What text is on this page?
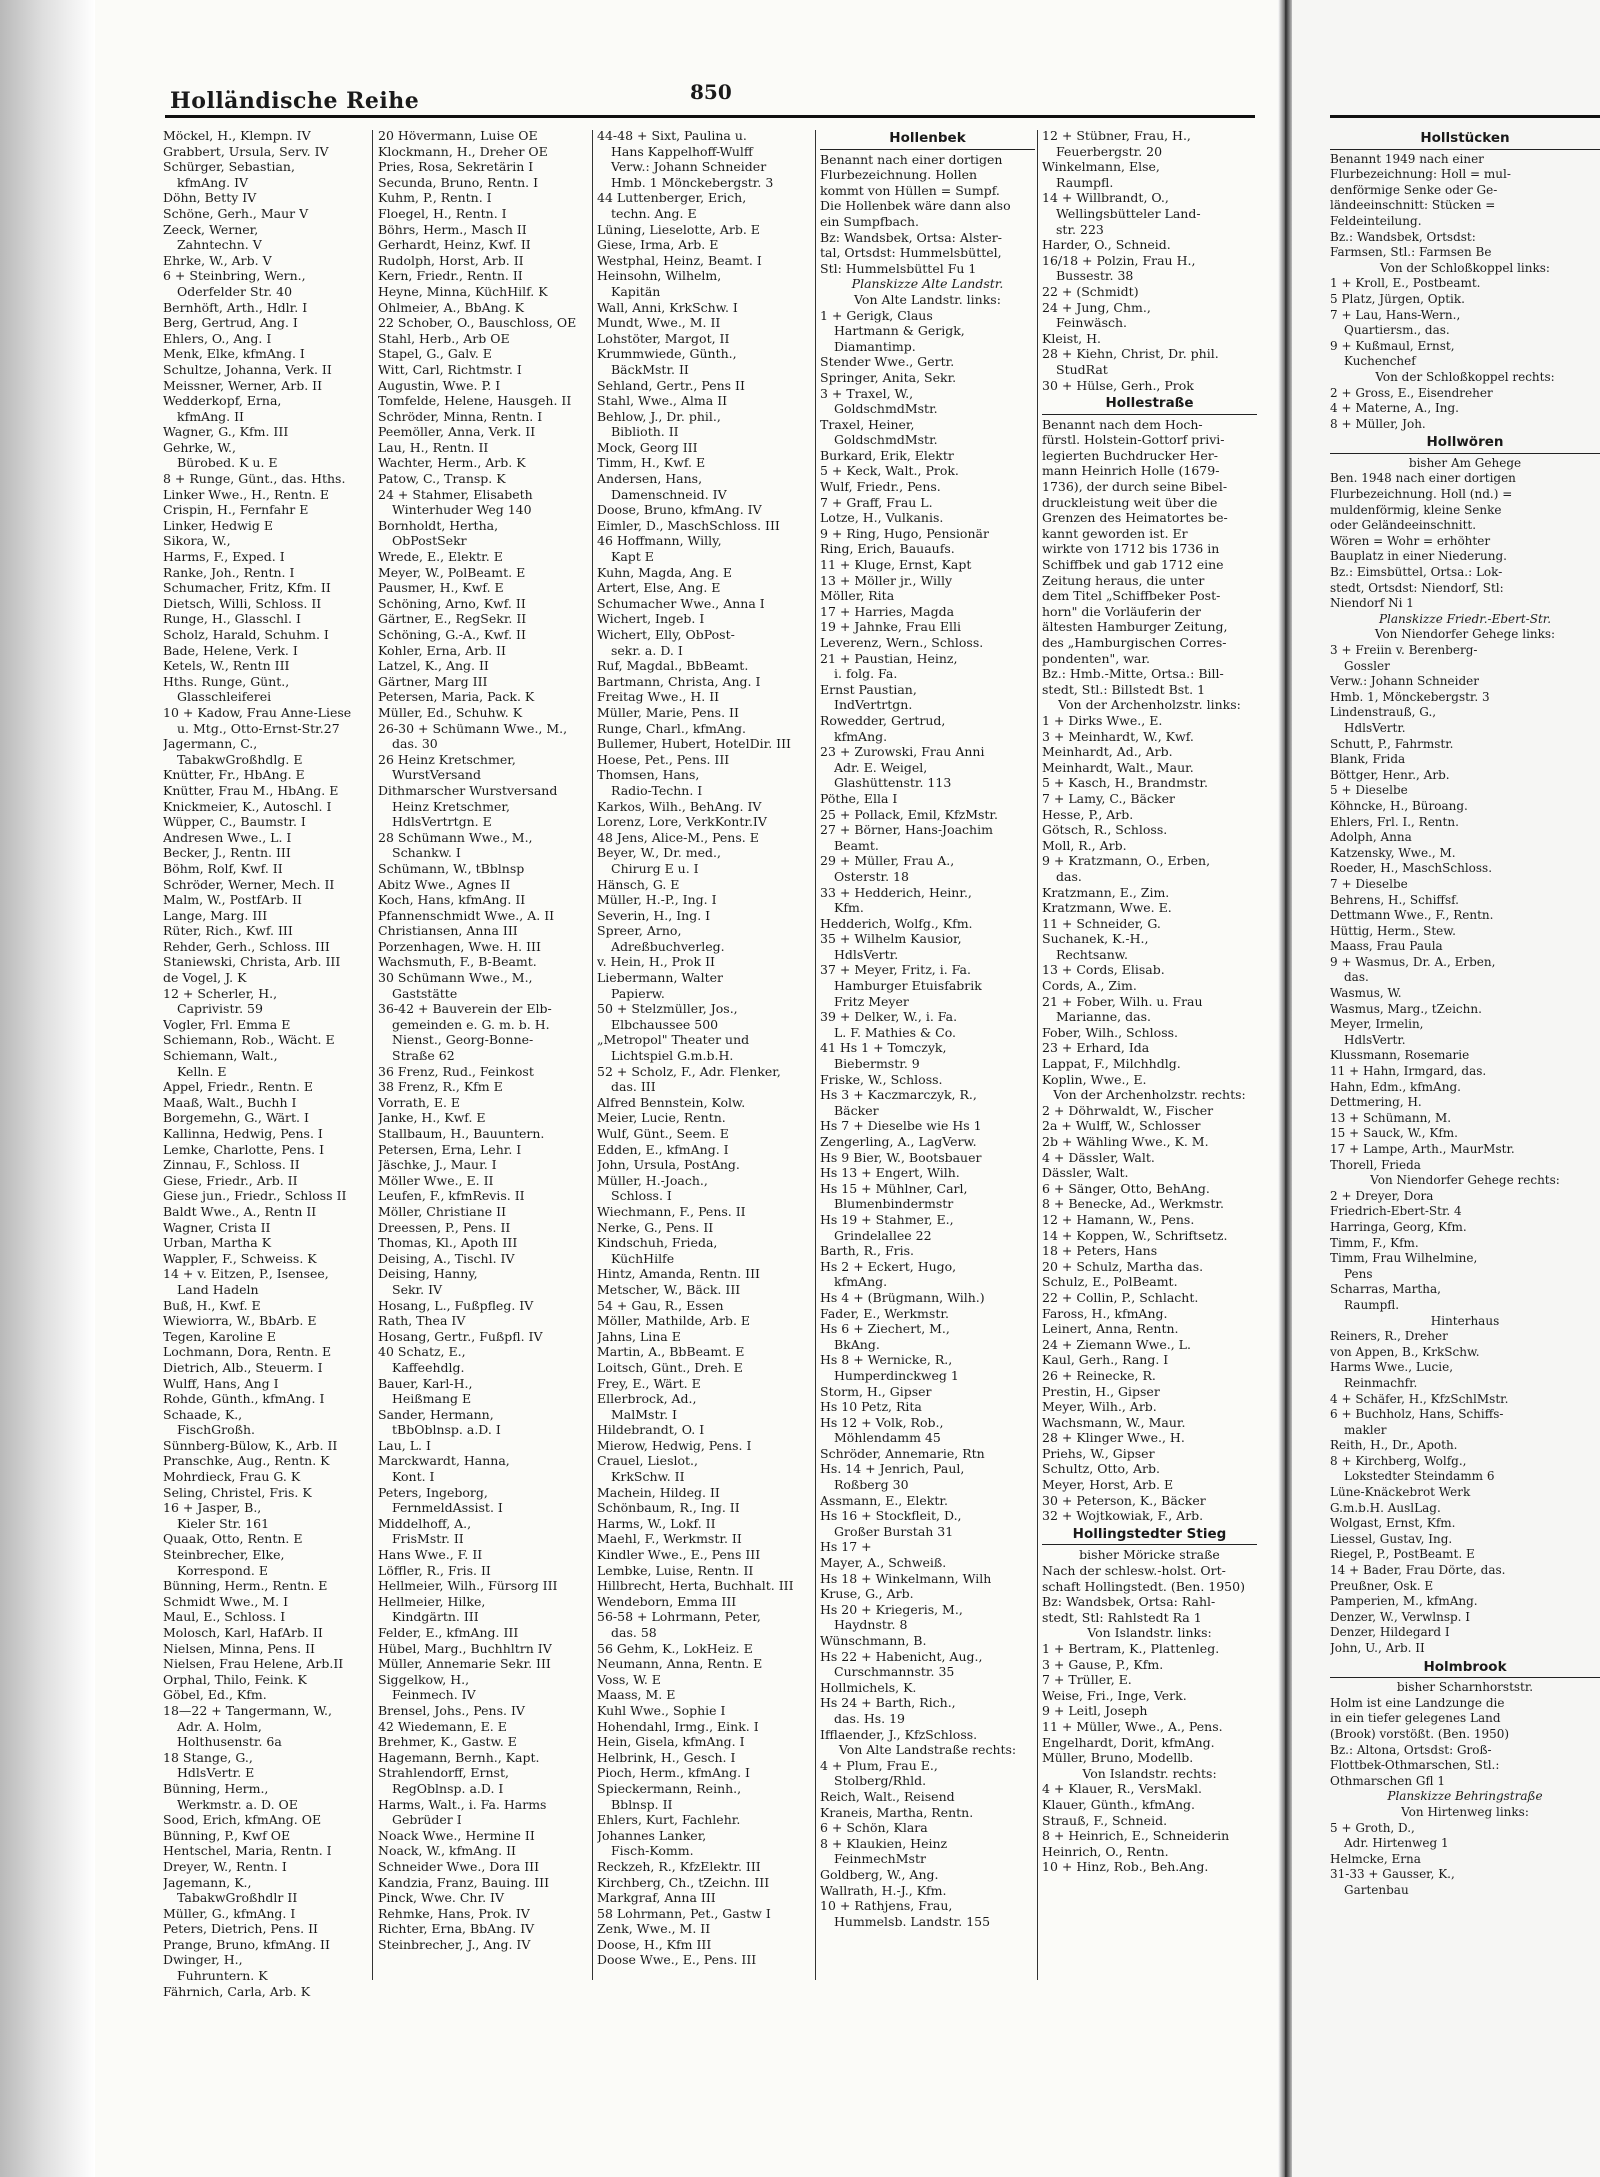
Holländische Reihe	850
Möckel, H., Klempn. IV
Grabbert, Ursula, Serv. IV
Schürger, Sebastian,
kfmAng. IV
Döhn, Betty IV
Schöne, Gerh., Maur V
Zeeck, Werner,
Zahntechn. V
Ehrke, W., Arb. V
6 + Steinbring, Wern.,
Oderfelder Str. 40
Bernhöft, Arth., Hdlr. I
Berg, Gertrud, Ang. I
Ehlers, O., Ang. I
Menk, Elke, kfmAng. I
Schultze, Johanna, Verk. II
Meissner, Werner, Arb. II
Wedderkopf, Erna,
kfmAng. II
Wagner, G., Kfm. III
Gehrke, W.,
Bürobed. K u. E
8 + Runge, Günt., das. Hths.
Linker Wwe., H., Rentn. E
Crispin, H., Fernfahr E
Linker, Hedwig E
Sikora, W.,
Harms, F., Exped. I
Ranke, Joh., Rentn. I
Schumacher, Fritz, Kfm. II
Dietsch, Willi, Schloss. II
Runge, H., Glasschl. I
Scholz, Harald, Schuhm. I
Bade, Helene, Verk. I
Ketels, W., Rentn III
Hths. Runge, Günt.,
Glasschleiferei
10 + Kadow, Frau Anne-Liese
u. Mtg., Otto-Ernst-Str.27
Jagermann, C.,
TabakwGroßhdlg. E
Knütter, Fr., HbAng. E
Knütter, Frau M., HbAng. E
Knickmeier, K., Autoschl. I
Wüpper, C., Baumstr. I
Andresen Wwe., L. I
Becker, J., Rentn. III
Böhm, Rolf, Kwf. II
Schröder, Werner, Mech. II
Malm, W., PostfArb. II
Lange, Marg. III
Rüter, Rich., Kwf. III
Rehder, Gerh., Schloss. III
Staniewski, Christa, Arb. III
de Vogel, J. K
12 + Scherler, H.,
Caprivistr. 59
Vogler, Frl. Emma E
Schiemann, Rob., Wächt. E
Schiemann, Walt.,
Kelln. E
Appel, Friedr., Rentn. E
Maaß, Walt., Buchh I
Borgemehn, G., Wärt. I
Kallinna, Hedwig, Pens. I
Lemke, Charlotte, Pens. I
Zinnau, F., Schloss. II
Giese, Friedr., Arb. II
Giese jun., Friedr., Schloss II
Baldt Wwe., A., Rentn II
Wagner, Crista II
Urban, Martha K
Wappler, F., Schweiss. K
14 + v. Eitzen, P., Isensee,
Land Hadeln
Buß, H., Kwf. E
Wiewiorra, W., BbArb. E
Tegen, Karoline E
Lochmann, Dora, Rentn. E
Dietrich, Alb., Steuerm. I
Wulff, Hans, Ang I
Rohde, Günth., kfmAng. I
Schaade, K.,
FischGroßh.
Sünnberg-Bülow, K., Arb. II
Pranschke, Aug., Rentn. K
Mohrdieck, Frau G. K
Seling, Christel, Fris. K
16 + Jasper, B.,
Kieler Str. 161
Quaak, Otto, Rentn. E
Steinbrecher, Elke,
Korrespond. E
Bünning, Herm., Rentn. E
Schmidt Wwe., M. I
Maul, E., Schloss. I
Molosch, Karl, HafArb. II
Nielsen, Minna, Pens. II
Nielsen, Frau Helene, Arb.II
Orphal, Thilo, Feink. K
Göbel, Ed., Kfm.
18—22 + Tangermann, W.,
Adr. A. Holm,
Holthusenstr. 6a
18 Stange, G.,
HdlsVertr. E
Bünning, Herm.,
Werkmstr. a. D. OE
Sood, Erich, kfmAng. OE
Bünning, P., Kwf OE
Hentschel, Maria, Rentn. I
Dreyer, W., Rentn. I
Jagemann, K.,
TabakwGroßhdlr II
Müller, G., kfmAng. I
Peters, Dietrich, Pens. II
Prange, Bruno, kfmAng. II
Dwinger, H.,
Fuhruntern. K
Fährnich, Carla, Arb. K
20 Hövermann, Luise OE
Klockmann, H., Dreher OE
Pries, Rosa, Sekretärin I
Secunda, Bruno, Rentn. I
Kuhm, P., Rentn. I
Floegel, H., Rentn. I
Böhrs, Herm., Masch II
Gerhardt, Heinz, Kwf. II
Rudolph, Horst, Arb. II
Kern, Friedr., Rentn. II
Heyne, Minna, KüchHilf. K
Ohlmeier, A., BbAng. K
22 Schober, O., Bauschloss, OE
Stahl, Herb., Arb OE
Stapel, G., Galv. E
Witt, Carl, Richtmstr. I
Augustin, Wwe. P. I
Tomfelde, Helene, Hausgeh. II
Schröder, Minna, Rentn. I
Peemöller, Anna, Verk. II
Lau, H., Rentn. II
Wachter, Herm., Arb. K
Patow, C., Transp. K
24 + Stahmer, Elisabeth
Winterhuder Weg 140
Bornholdt, Hertha,
ObPostSekr
Wrede, E., Elektr. E
Meyer, W., PolBeamt. E
Pausmer, H., Kwf. E
Schöning, Arno, Kwf. II
Gärtner, E., RegSekr. II
Schöning, G.-A., Kwf. II
Kohler, Erna, Arb. II
Latzel, K., Ang. II
Gärtner, Marg III
Petersen, Maria, Pack. K
Müller, Ed., Schuhw. K
26-30 + Schümann Wwe., M.,
das. 30
26 Heinz Kretschmer,
WurstVersand
Dithmarscher Wurstversand
Heinz Kretschmer,
HdlsVertrtgn. E
28 Schümann Wwe., M.,
Schankw. I
Schümann, W., tBblnsp
Abitz Wwe., Agnes II
Koch, Hans, kfmAng. II
Pfannenschmidt Wwe., A. II
Christiansen, Anna III
Porzenhagen, Wwe. H. III
Wachsmuth, F., B-Beamt.
30 Schümann Wwe., M.,
Gaststätte
36-42 + Bauverein der Elb-
gemeinden e. G. m. b. H.
Nienst., Georg-Bonne-
Straße 62
36 Frenz, Rud., Feinkost
38 Frenz, R., Kfm E
Vorrath, E. E
Janke, H., Kwf. E
Stallbaum, H., Bauuntern.
Petersen, Erna, Lehr. I
Jäschke, J., Maur. I
Möller Wwe., E. II
Leufen, F., kfmRevis. II
Möller, Christiane II
Dreessen, P., Pens. II
Thomas, Kl., Apoth III
Deising, A., Tischl. IV
Deising, Hanny,
Sekr. IV
Hosang, L., Fußpfleg. IV
Rath, Thea IV
Hosang, Gertr., Fußpfl. IV
40 Schatz, E.,
Kaffeehdlg.
Bauer, Karl-H.,
Heißmang E
Sander, Hermann,
tBbOblnsp. a.D. I
Lau, L. I
Marckwardt, Hanna,
Kont. I
Peters, Ingeborg,
FernmeldAssist. I
Middelhoff, A.,
FrisMstr. II
Hans Wwe., F. II
Löffler, R., Fris. II
Hellmeier, Wilh., Fürsorg III
Hellmeier, Hilke,
Kindgärtn. III
Felder, E., kfmAng. III
Hübel, Marg., Buchhltrn IV
Müller, Annemarie Sekr. III
Siggelkow, H.,
Feinmech. IV
Brensel, Johs., Pens. IV
42 Wiedemann, E. E
Brehmer, K., Gastw. E
Hagemann, Bernh., Kapt.
Strahlendorff, Ernst,
RegOblnsp. a.D. I
Harms, Walt., i. Fa. Harms
Gebrüder I
Noack Wwe., Hermine II
Noack, W., kfmAng. II
Schneider Wwe., Dora III
Kandzia, Franz, Bauing. III
Pinck, Wwe. Chr. IV
Rehmke, Hans, Prok. IV
Richter, Erna, BbAng. IV
Steinbrecher, J., Ang. IV
44-48 + Sixt, Paulina u.
Hans Kappelhoff-Wulff
Verw.: Johann Schneider
Hmb. 1 Mönckebergstr. 3
44 Luttenberger, Erich,
techn. Ang. E
Lüning, Lieselotte, Arb. E
Giese, Irma, Arb. E
Westphal, Heinz, Beamt. I
Heinsohn, Wilhelm,
Kapitän
Wall, Anni, KrkSchw. I
Mundt, Wwe., M. II
Lohstöter, Margot, II
Krummwiede, Günth.,
BäckMstr. II
Sehland, Gertr., Pens II
Stahl, Wwe., Alma II
Behlow, J., Dr. phil.,
Biblioth. II
Mock, Georg III
Timm, H., Kwf. E
Andersen, Hans,
Damenschneid. IV
Doose, Bruno, kfmAng. IV
Eimler, D., MaschSchloss. III
46 Hoffmann, Willy,
Kapt E
Kuhn, Magda, Ang. E
Artert, Else, Ang. E
Schumacher Wwe., Anna I
Wichert, Ingeb. I
Wichert, Elly, ObPost-
sekr. a. D. I
Ruf, Magdal., BbBeamt.
Bartmann, Christa, Ang. I
Freitag Wwe., H. II
Müller, Marie, Pens. II
Runge, Charl., kfmAng.
Bullemer, Hubert, HotelDir. III
Hoese, Pet., Pens. III
Thomsen, Hans,
Radio-Techn. I
Karkos, Wilh., BehAng. IV
Lorenz, Lore, VerkKontr.IV
48 Jens, Alice-M., Pens. E
Beyer, W., Dr. med.,
Chirurg E u. I
Hänsch, G. E
Müller, H.-P., Ing. I
Severin, H., Ing. I
Spreer, Arno,
Adreßbuchverleg.
v. Hein, H., Prok II
Liebermann, Walter
Papierw.
50 + Stelzmüller, Jos.,
Elbchaussee 500
„Metropol" Theater und
Lichtspiel G.m.b.H.
52 + Scholz, F., Adr. Flenker,
das. III
Alfred Bennstein, Kolw.
Meier, Lucie, Rentn.
Wulf, Günt., Seem. E
Edden, E., kfmAng. I
John, Ursula, PostAng.
Müller, H.-Joach.,
Schloss. I
Wiechmann, F., Pens. II
Nerke, G., Pens. II
Kindschuh, Frieda,
KüchHilfe
Hintz, Amanda, Rentn. III
Metscher, W., Bäck. III
54 + Gau, R., Essen
Möller, Mathilde, Arb. E
Jahns, Lina E
Martin, A., BbBeamt. E
Loitsch, Günt., Dreh. E
Frey, E., Wärt. E
Ellerbrock, Ad.,
MalMstr. I
Hildebrandt, O. I
Mierow, Hedwig, Pens. I
Crauel, Lieslot.,
KrkSchw. II
Machein, Hildeg. II
Schönbaum, R., Ing. II
Harms, W., Lokf. II
Maehl, F., Werkmstr. II
Kindler Wwe., E., Pens III
Lembke, Luise, Rentn. II
Hillbrecht, Herta, Buchhalt. III
Wendeborn, Emma III
56-58 + Lohrmann, Peter,
das. 58
56 Gehm, K., LokHeiz. E
Neumann, Anna, Rentn. E
Voss, W. E
Maass, M. E
Kuhl Wwe., Sophie I
Hohendahl, Irmg., Eink. I
Hein, Gisela, kfmAng. I
Helbrink, H., Gesch. I
Pioch, Herm., kfmAng. I
Spieckermann, Reinh.,
Bblnsp. II
Ehlers, Kurt, Fachlehr.
Johannes Lanker,
Fisch-Komm.
Reckzeh, R., KfzElektr. III
Kirchberg, Ch., tZeichn. III
Markgraf, Anna III
58 Lohrmann, Pet., Gastw I
Zenk, Wwe., M. II
Doose, H., Kfm III
Doose Wwe., E., Pens. III
Hollenbek
Benannt nach einer dortigen
Flurbezeichnung. Hollen
kommt von Hüllen = Sumpf.
Die Hollenbek wäre dann also
ein Sumpfbach.
Bz: Wandsbek, Ortsa: Alster-
tal, Ortsdst: Hummelsbüttel,
Stl: Hummelsbüttel Fu 1
Planskizze Alte Landstr.
Von Alte Landstr. links:
1 + Gerigk, Claus
Hartmann & Gerigk,
Diamantimp.
Stender Wwe., Gertr.
Springer, Anita, Sekr.
3 + Traxel, W.,
GoldschmdMstr.
Traxel, Heiner,
GoldschmdMstr.
Burkard, Erik, Elektr
5 + Keck, Walt., Prok.
Wulf, Friedr., Pens.
7 + Graff, Frau L.
Lotze, H., Vulkanis.
9 + Ring, Hugo, Pensionär
Ring, Erich, Bauaufs.
11 + Kluge, Ernst, Kapt
13 + Möller jr., Willy
Möller, Rita
17 + Harries, Magda
19 + Jahnke, Frau Elli
Leverenz, Wern., Schloss.
21 + Paustian, Heinz,
i. folg. Fa.
Ernst Paustian,
IndVertrtgn.
Rowedder, Gertrud,
kfmAng.
23 + Zurowski, Frau Anni
Adr. E. Weigel,
Glashüttenstr. 113
Pöthe, Ella I
25 + Pollack, Emil, KfzMstr.
27 + Börner, Hans-Joachim
Beamt.
29 + Müller, Frau A.,
Osterstr. 18
33 + Hedderich, Heinr.,
Kfm.
Hedderich, Wolfg., Kfm.
35 + Wilhelm Kausior,
HdlsVertr.
37 + Meyer, Fritz, i. Fa.
Hamburger Etuisfabrik
Fritz Meyer
39 + Delker, W., i. Fa.
L. F. Mathies & Co.
41 Hs 1 + Tomczyk,
Biebermstr. 9
Friske, W., Schloss.
Hs 3 + Kaczmarczyk, R.,
Bäcker
Hs 7 + Dieselbe wie Hs 1
Zengerling, A., LagVerw.
Hs 9 Bier, W., Bootsbauer
Hs 13 + Engert, Wilh.
Hs 15 + Mühlner, Carl,
Blumenbindermstr
Hs 19 + Stahmer, E.,
Grindelallee 22
Barth, R., Fris.
Hs 2 + Eckert, Hugo,
kfmAng.
Hs 4 + (Brügmann, Wilh.)
Fader, E., Werkmstr.
Hs 6 + Ziechert, M.,
BkAng.
Hs 8 + Wernicke, R.,
Humperdinckweg 1
Storm, H., Gipser
Hs 10 Petz, Rita
Hs 12 + Volk, Rob.,
Möhlendamm 45
Schröder, Annemarie, Rtn
Hs. 14 + Jenrich, Paul,
Roßberg 30
Assmann, E., Elektr.
Hs 16 + Stockfleit, D.,
Großer Burstah 31
Hs 17 +
Mayer, A., Schweiß.
Hs 18 + Winkelmann, Wilh
Kruse, G., Arb.
Hs 20 + Kriegeris, M.,
Haydnstr. 8
Wünschmann, B.
Hs 22 + Habenicht, Aug.,
Curschmannstr. 35
Hollmichels, K.
Hs 24 + Barth, Rich.,
das. Hs. 19
Ifflaender, J., KfzSchloss.
Von Alte Landstraße rechts:
4 + Plum, Frau E.,
Stolberg/Rhld.
Reich, Walt., Reisend
Kraneis, Martha, Rentn.
6 + Schön, Klara
8 + Klaukien, Heinz
FeinmechMstr
Goldberg, W., Ang.
Wallrath, H.-J., Kfm.
10 + Rathjens, Frau,
Hummelsb. Landstr. 155
12 + Stübner, Frau, H.,
Feuerbergstr. 20
Winkelmann, Else,
Raumpfl.
14 + Willbrandt, O.,
Wellingsbütteler Land-
str. 223
Harder, O., Schneid.
16/18 + Polzin, Frau H.,
Bussestr. 38
22 + (Schmidt)
24 + Jung, Chm.,
Feinwäsch.
Kleist, H.
28 + Kiehn, Christ, Dr. phil.
StudRat
30 + Hülse, Gerh., Prok
Hollestraße
Benannt nach dem Hoch-
fürstl. Holstein-Gottorf privi-
legierten Buchdrucker Her-
mann Heinrich Holle (1679-
1736), der durch seine Bibel-
druckleistung weit über die
Grenzen des Heimatortes be-
kannt geworden ist. Er
wirkte von 1712 bis 1736 in
Schiffbek und gab 1712 eine
Zeitung heraus, die unter
dem Titel „Schiffbeker Post-
horn" die Vorläuferin der
ältesten Hamburger Zeitung,
des „Hamburgischen Corres-
pondenten", war.
Bz.: Hmb.-Mitte, Ortsa.: Bill-
stedt, Stl.: Billstedt Bst. 1
Von der Archenholzstr. links:
1 + Dirks Wwe., E.
3 + Meinhardt, W., Kwf.
Meinhardt, Ad., Arb.
Meinhardt, Walt., Maur.
5 + Kasch, H., Brandmstr.
7 + Lamy, C., Bäcker
Hesse, P., Arb.
Götsch, R., Schloss.
Moll, R., Arb.
9 + Kratzmann, O., Erben,
das.
Kratzmann, E., Zim.
Kratzmann, Wwe. E.
11 + Schneider, G.
Suchanek, K.-H.,
Rechtsanw.
13 + Cords, Elisab.
Cords, A., Zim.
21 + Fober, Wilh. u. Frau
Marianne, das.
Fober, Wilh., Schloss.
23 + Erhard, Ida
Lappat, F., Milchhdlg.
Koplin, Wwe., E.
Von der Archenholzstr. rechts:
2 + Döhrwaldt, W., Fischer
2a + Wulff, W., Schlosser
2b + Wähling Wwe., K. M.
4 + Dässler, Walt.
Dässler, Walt.
6 + Sänger, Otto, BehAng.
8 + Benecke, Ad., Werkmstr.
12 + Hamann, W., Pens.
14 + Koppen, W., Schriftsetz.
18 + Peters, Hans
20 + Schulz, Martha das.
Schulz, E., PolBeamt.
22 + Collin, P., Schlacht.
Faross, H., kfmAng.
Leinert, Anna, Rentn.
24 + Ziemann Wwe., L.
Kaul, Gerh., Rang. I
26 + Reinecke, R.
Prestin, H., Gipser
Meyer, Wilh., Arb.
Wachsmann, W., Maur.
28 + Klinger Wwe., H.
Priehs, W., Gipser
Schultz, Otto, Arb.
Meyer, Horst, Arb. E
30 + Peterson, K., Bäcker
32 + Wojtkowiak, F., Arb.
Hollingstedter Stieg
bisher Möricke straße
Nach der schlesw.-holst. Ort-
schaft Hollingstedt. (Ben. 1950)
Bz: Wandsbek, Ortsa: Rahl-
stedt, Stl: Rahlstedt Ra 1
Von Islandstr. links:
1 + Bertram, K., Plattenleg.
3 + Gause, P., Kfm.
7 + Trüller, E.
Weise, Fri., Inge, Verk.
9 + Leitl, Joseph
11 + Müller, Wwe., A., Pens.
Engelhardt, Dorit, kfmAng.
Müller, Bruno, Modellb.
Von Islandstr. rechts:
4 + Klauer, R., VersMakl.
Klauer, Günth., kfmAng.
Strauß, F., Schneid.
8 + Heinrich, E., Schneiderin
Heinrich, O., Rentn.
10 + Hinz, Rob., Beh.Ang.
Hollstücken
Benannt 1949 nach einer
Flurbezeichnung: Holl = mul-
denförmige Senke oder Ge-
ländeeinschnitt: Stücken =
Feldeinteilung.
Bz.: Wandsbek, Ortsdst:
Farmsen, Stl.: Farmsen Be
Von der Schloßkoppel links:
1 + Kroll, E., Postbeamt.
5 Platz, Jürgen, Optik.
7 + Lau, Hans-Wern.,
Quartiersm., das.
9 + Kußmaul, Ernst,
Kuchenchef
Von der Schloßkoppel rechts:
2 + Gross, E., Eisendreher
4 + Materne, A., Ing.
8 + Müller, Joh.
Hollwören
bisher Am Gehege
Ben. 1948 nach einer dortigen
Flurbezeichnung. Holl (nd.) =
muldenförmig, kleine Senke
oder Geländeeinschnitt.
Wören = Wohr = erhöhter
Bauplatz in einer Niederung.
Bz.: Eimsbüttel, Ortsa.: Lok-
stedt, Ortsdst: Niendorf, Stl:
Niendorf Ni 1
Planskizze Friedr.-Ebert-Str.
Von Niendorfer Gehege links:
3 + Freiin v. Berenberg-
Gossler
Verw.: Johann Schneider
Hmb. 1, Mönckebergstr. 3
Lindenstrauß, G.,
HdlsVertr.
Schutt, P., Fahrmstr.
Blank, Frida
Böttger, Henr., Arb.
5 + Dieselbe
Köhncke, H., Büroang.
Ehlers, Frl. I., Rentn.
Adolph, Anna
Katzensky, Wwe., M.
Roeder, H., MaschSchloss.
7 + Dieselbe
Behrens, H., Schiffsf.
Dettmann Wwe., F., Rentn.
Hüttig, Herm., Stew.
Maass, Frau Paula
9 + Wasmus, Dr. A., Erben,
das.
Wasmus, W.
Wasmus, Marg., tZeichn.
Meyer, Irmelin,
HdlsVertr.
Klussmann, Rosemarie
11 + Hahn, Irmgard, das.
Hahn, Edm., kfmAng.
Dettmering, H.
13 + Schümann, M.
15 + Sauck, W., Kfm.
17 + Lampe, Arth., MaurMstr.
Thorell, Frieda
Von Niendorfer Gehege rechts:
2 + Dreyer, Dora
Friedrich-Ebert-Str. 4
Harringa, Georg, Kfm.
Timm, F., Kfm.
Timm, Frau Wilhelmine,
Pens
Scharras, Martha,
Raumpfl.
Hinterhaus
Reiners, R., Dreher
von Appen, B., KrkSchw.
Harms Wwe., Lucie,
Reinmachfr.
4 + Schäfer, H., KfzSchlMstr.
6 + Buchholz, Hans, Schiffs-
makler
Reith, H., Dr., Apoth.
8 + Kirchberg, Wolfg.,
Lokstedter Steindamm 6
Lüne-Knäckebrot Werk
G.m.b.H. AuslLag.
Wolgast, Ernst, Kfm.
Liessel, Gustav, Ing.
Riegel, P., PostBeamt. E
14 + Bader, Frau Dörte, das.
Preußner, Osk. E
Pamperien, M., kfmAng.
Denzer, W., Verwlnsp. I
Denzer, Hildegard I
John, U., Arb. II
Holmbrook
bisher Scharnhorststr.
Holm ist eine Landzunge die
in ein tiefer gelegenes Land
(Brook) vorstößt. (Ben. 1950)
Bz.: Altona, Ortsdst: Groß-
Flottbek-Othmarschen, Stl.:
Othmarschen Gfl 1
Planskizze Behringstraße
Von Hirtenweg links:
5 + Groth, D.,
Adr. Hirtenweg 1
Helmcke, Erna
31-33 + Gausser, K.,
Gartenbau
